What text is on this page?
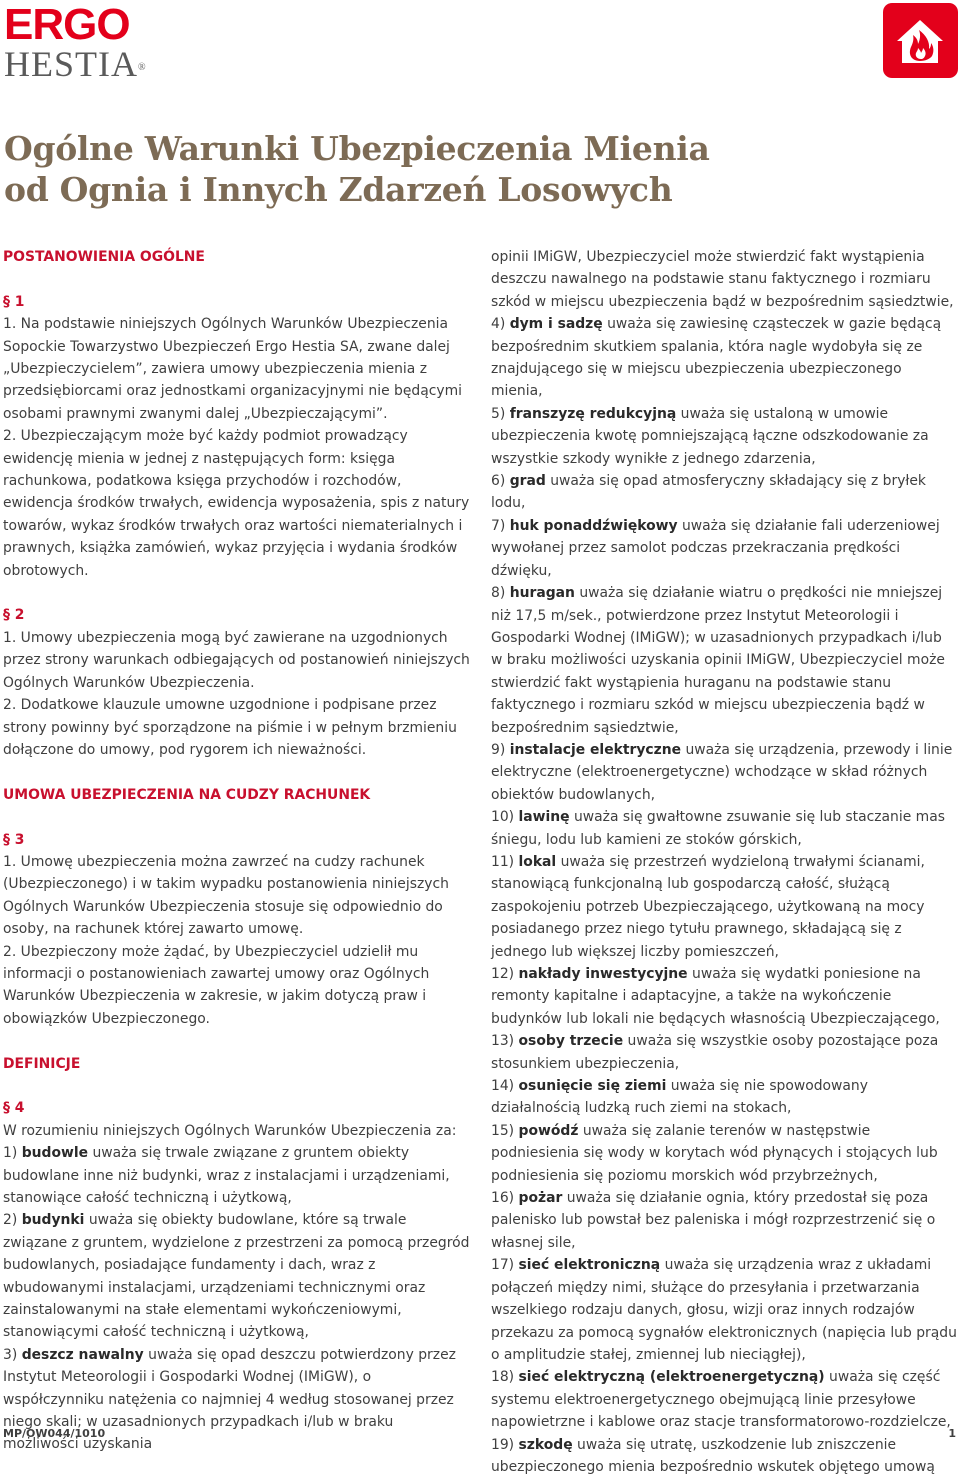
ERGO
HESTIA®
Ogólne Warunki Ubezpieczenia Mienia
od Ognia i Innych Zdarzeń Losowych

POSTANOWIENIA OGÓLNE

§ 1

1. Na podstawie niniejszych Ogólnych Warunków Ubezpieczenia Sopockie Towarzystwo Ubezpieczeń Ergo Hestia SA, zwane dalej „Ubezpieczycielem”, zawiera umowy ubezpieczenia mienia z przedsiębiorcami oraz jednostkami organizacyjnymi nie będącymi osobami prawnymi zwanymi dalej „Ubezpieczającymi”.

2. Ubezpieczającym może być każdy podmiot prowadzący ewidencję mienia w jednej z następujących form: księga rachunkowa, podatkowa księga przychodów i rozchodów, ewidencja środków trwałych, ewidencja wyposażenia, spis z natury towarów, wykaz środków trwałych oraz wartości niematerialnych i prawnych, książka zamówień, wykaz przyjęcia i wydania środków obrotowych.

§ 2

1. Umowy ubezpieczenia mogą być zawierane na uzgodnionych przez strony warunkach odbiegających od postanowień niniejszych Ogólnych Warunków Ubezpieczenia.

2. Dodatkowe klauzule umowne uzgodnione i podpisane przez strony powinny być sporządzone na piśmie i w pełnym brzmieniu dołączone do umowy, pod rygorem ich nieważności.

UMOWA UBEZPIECZENIA NA CUDZY RACHUNEK

§ 3

1. Umowę ubezpieczenia można zawrzeć na cudzy rachunek (Ubezpieczonego) i w takim wypadku postanowienia niniejszych Ogólnych Warunków Ubezpieczenia stosuje się odpowiednio do osoby, na rachunek której zawarto umowę.

2. Ubezpieczony może żądać, by Ubezpieczyciel udzielił mu informacji o postanowieniach zawartej umowy oraz Ogólnych Warunków Ubezpieczenia w zakresie, w jakim dotyczą praw i obowiązków Ubezpieczonego.

DEFINICJE

§ 4

W rozumieniu niniejszych Ogólnych Warunków Ubezpieczenia za:

1) budowle uważa się trwale związane z gruntem obiekty budowlane inne niż budynki, wraz z instalacjami i urządzeniami, stanowiące całość techniczną i użytkową,

2) budynki uważa się obiekty budowlane, które są trwale związane z gruntem, wydzielone z przestrzeni za pomocą przegród budowlanych, posiadające fundamenty i dach, wraz z wbudowanymi instalacjami, urządzeniami technicznymi oraz zainstalowanymi na stałe elementami wykończeniowymi, stanowiącymi całość techniczną i użytkową,

3) deszcz nawalny uważa się opad deszczu potwierdzony przez Instytut Meteorologii i Gospodarki Wodnej (IMiGW), o współczynniku natężenia co najmniej 4 według stosowanej przez niego skali; w uzasadnionych przypadkach i/lub w braku możliwości uzyskania

opinii IMiGW, Ubezpieczyciel może stwierdzić fakt wystąpienia deszczu nawalnego na podstawie stanu faktycznego i rozmiaru szkód w miejscu ubezpieczenia bądź w bezpośrednim sąsiedztwie,

4) dym i sadzę uważa się zawiesinę cząsteczek w gazie będącą bezpośrednim skutkiem spalania, która nagle wydobyła się ze znajdującego się w miejscu ubezpieczenia ubezpieczonego mienia,

5) franszyzę redukcyjną uważa się ustaloną w umowie ubezpieczenia kwotę pomniejszającą łączne odszkodowanie za wszystkie szkody wynikłe z jednego zdarzenia,

6) grad uważa się opad atmosferyczny składający się z bryłek lodu,

7) huk ponaddźwiękowy uważa się działanie fali uderzeniowej wywołanej przez samolot podczas przekraczania prędkości dźwięku,

8) huragan uważa się działanie wiatru o prędkości nie mniejszej niż 17,5 m/sek., potwierdzone przez Instytut Meteorologii i Gospodarki Wodnej (IMiGW); w uzasadnionych przypadkach i/lub w braku możliwości uzyskania opinii IMiGW, Ubezpieczyciel może stwierdzić fakt wystąpienia huraganu na podstawie stanu faktycznego i rozmiaru szkód w miejscu ubezpieczenia bądź w bezpośrednim sąsiedztwie,

9) instalacje elektryczne uważa się urządzenia, przewody i linie elektryczne (elektroenergetyczne) wchodzące w skład różnych obiektów budowlanych,

10) lawinę uważa się gwałtowne zsuwanie się lub staczanie mas śniegu, lodu lub kamieni ze stoków górskich,

11) lokal uważa się przestrzeń wydzieloną trwałymi ścianami, stanowiącą funkcjonalną lub gospodarczą całość, służącą zaspokojeniu potrzeb Ubezpieczającego, użytkowaną na mocy posiadanego przez niego tytułu prawnego, składającą się z jednego lub większej liczby pomieszczeń,

12) nakłady inwestycyjne uważa się wydatki poniesione na remonty kapitalne i adaptacyjne, a także na wykończenie budynków lub lokali nie będących własnością Ubezpieczającego,

13) osoby trzecie uważa się wszystkie osoby pozostające poza stosunkiem ubezpieczenia,

14) osunięcie się ziemi uważa się nie spowodowany działalnością ludzką ruch ziemi na stokach,

15) powódź uważa się zalanie terenów w następstwie podniesienia się wody w korytach wód płynących i stojących lub podniesienia się poziomu morskich wód przybrzeżnych,

16) pożar uważa się działanie ognia, który przedostał się poza palenisko lub powstał bez paleniska i mógł rozprzestrzenić się o własnej sile,

17) sieć elektroniczną uważa się urządzenia wraz z układami połączeń między nimi, służące do przesyłania i przetwarzania wszelkiego rodzaju danych, głosu, wizji oraz innych rodzajów przekazu za pomocą sygnałów elektronicznych (napięcia lub prądu o amplitudzie stałej, zmiennej lub nieciągłej),

18) sieć elektryczną (elektroenergetyczną) uważa się część systemu elektroenergetycznego obejmującą linie przesyłowe napowietrzne i kablowe oraz stacje transformatorowo-rozdzielcze,

19) szkodę uważa się utratę, uszkodzenie lub zniszczenie ubezpieczonego mienia bezpośrednio wskutek objętego umową

MP/OW044/1010	1
